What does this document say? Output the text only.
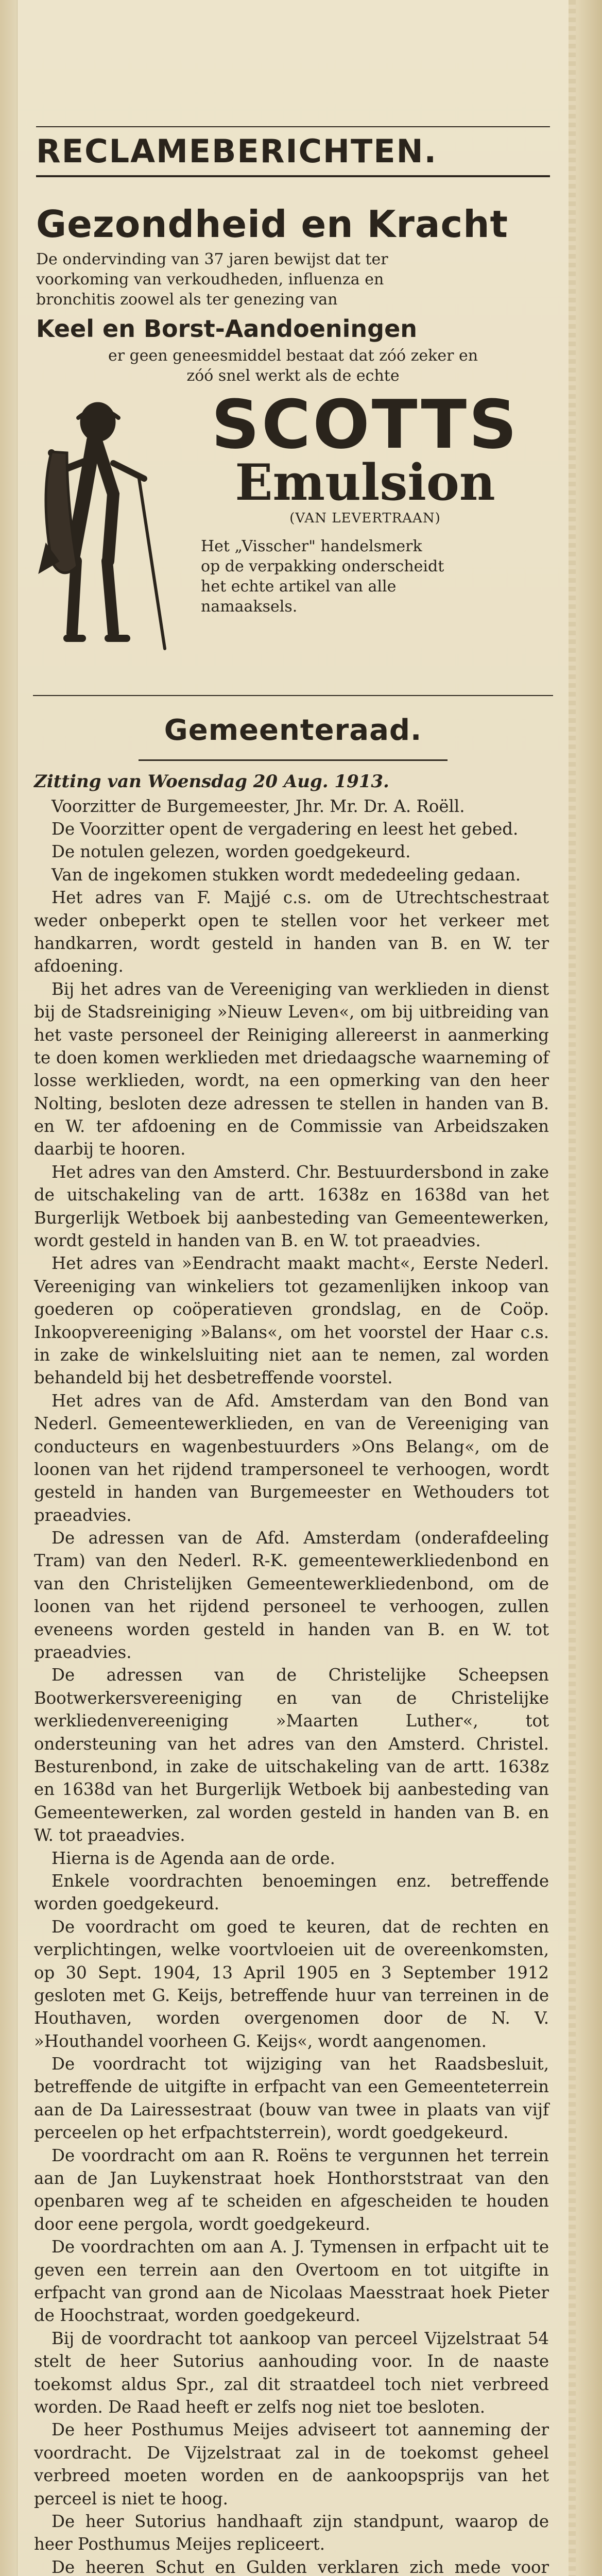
RECLAMEBERICHTEN.
Gezondheid en Kracht
De ondervinding van 37 jaren bewijst dat ter
voorkoming van verkoudheden, influenza en
bronchitis zoowel als ter genezing van
Keel en Borst-Aandoeningen
er geen geneesmiddel bestaat dat zóó zeker en
zóó snel werkt als de echte
SCOTTS
Emulsion
(VAN LEVERTRAAN)
Het „Visscher" handelsmerk
op de verpakking onderscheidt
het echte artikel van alle
namaaksels.
Gemeenteraad.

Zitting van Woensdag 20 Aug. 1913.

Voorzitter de Burgemeester, Jhr. Mr. Dr. A. Roëll.

De Voorzitter opent de vergadering en leest het gebed.

De notulen gelezen, worden goedgekeurd.

Van de ingekomen stukken wordt mededeeling gedaan.

Het adres van F. Majjé c.s. om de Utrechtschestraat weder onbeperkt open te stellen voor het verkeer met handkarren, wordt gesteld in handen van B. en W. ter afdoening.

Bij het adres van de Vereeniging van werklieden in dienst bij de Stadsreiniging »Nieuw Leven«, om bij uitbreiding van het vaste personeel der Reiniging allereerst in aanmerking te doen komen werklieden met driedaagsche waarneming of losse werklieden, wordt, na een opmerking van den heer Nolting, besloten deze adressen te stellen in handen van B. en W. ter afdoening en de Commissie van Arbeidszaken daarbij te hooren.

Het adres van den Amsterd. Chr. Bestuurdersbond in zake de uitschakeling van de artt. 1638z en 1638d van het Burgerlijk Wetboek bij aanbesteding van Gemeentewerken, wordt gesteld in handen van B. en W. tot praeadvies.

Het adres van »Eendracht maakt macht«, Eerste Nederl. Vereeniging van winkeliers tot gezamenlijken inkoop van goederen op coöperatieven grondslag, en de Coöp. Inkoopvereeniging »Balans«, om het voorstel der Haar c.s. in zake de winkelsluiting niet aan te nemen, zal worden behandeld bij het desbetreffende voorstel.

Het adres van de Afd. Amsterdam van den Bond van Nederl. Gemeentewerklieden, en van de Vereeniging van conducteurs en wagenbestuurders »Ons Belang«, om de loonen van het rijdend trampersoneel te verhoogen, wordt gesteld in handen van Burgemeester en Wethouders tot praeadvies.

De adressen van de Afd. Amsterdam (onderafdeeling Tram) van den Nederl. R-K. gemeentewerkliedenbond en van den Christelijken Gemeentewerkliedenbond, om de loonen van het rijdend personeel te verhoogen, zullen eveneens worden gesteld in handen van B. en W. tot praeadvies.

De adressen van de Christelijke Scheepsen Bootwerkersvereeniging en van de Christelijke werkliedenvereeniging »Maarten Luther«, tot ondersteuning van het adres van den Amsterd. Christel. Besturenbond, in zake de uitschakeling van de artt. 1638z en 1638d van het Burgerlijk Wetboek bij aanbesteding van Gemeentewerken, zal worden gesteld in handen van B. en W. tot praeadvies.

Hierna is de Agenda aan de orde.

Enkele voordrachten benoemingen enz. betreffende worden goedgekeurd.

De voordracht om goed te keuren, dat de rechten en verplichtingen, welke voortvloeien uit de overeenkomsten, op 30 Sept. 1904, 13 April 1905 en 3 September 1912 gesloten met G. Keijs, betreffende huur van terreinen in de Houthaven, worden overgenomen door de N. V. »Houthandel voorheen G. Keijs«, wordt aangenomen.

De voordracht tot wijziging van het Raadsbesluit, betreffende de uitgifte in erfpacht van een Gemeenteterrein aan de Da Lairessestraat (bouw van twee in plaats van vijf perceelen op het erfpachtsterrein), wordt goedgekeurd.

De voordracht om aan R. Roëns te vergunnen het terrein aan de Jan Luykenstraat hoek Honthorststraat van den openbaren weg af te scheiden en afgescheiden te houden door eene pergola, wordt goedgekeurd.

De voordrachten om aan A. J. Tymensen in erfpacht uit te geven een terrein aan den Overtoom en tot uitgifte in erfpacht van grond aan de Nicolaas Maesstraat hoek Pieter de Hoochstraat, worden goedgekeurd.

Bij de voordracht tot aankoop van perceel Vijzelstraat 54 stelt de heer Sutorius aanhouding voor. In de naaste toekomst aldus Spr., zal dit straatdeel toch niet verbreed worden. De Raad heeft er zelfs nog niet toe besloten.

De heer Posthumus Meijes adviseert tot aanneming der voordracht. De Vijzelstraat zal in de toekomst geheel verbreed moeten worden en de aankoopsprijs van het perceel is niet te hoog.

De heer Sutorius handhaaft zijn standpunt, waarop de heer Posthumus Meijes repliceert.

De heeren Schut en Gulden verklaren zich mede voor
